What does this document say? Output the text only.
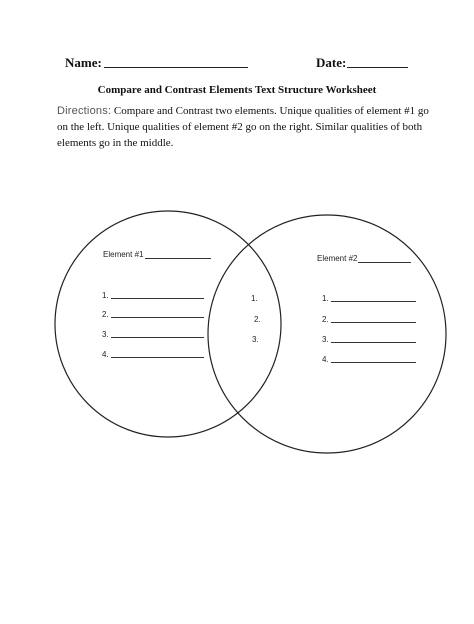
Name:	Date:
Compare and Contrast Elements Text Structure Worksheet
Directions: Compare and Contrast two elements. Unique qualities of element #1 go on the left. Unique qualities of element #2 go on the right. Similar qualities of both elements go in the middle.
Element #1
1.
2.
3.
4.
1.
2.
3.
Element #2
1.
2.
3.
4.
